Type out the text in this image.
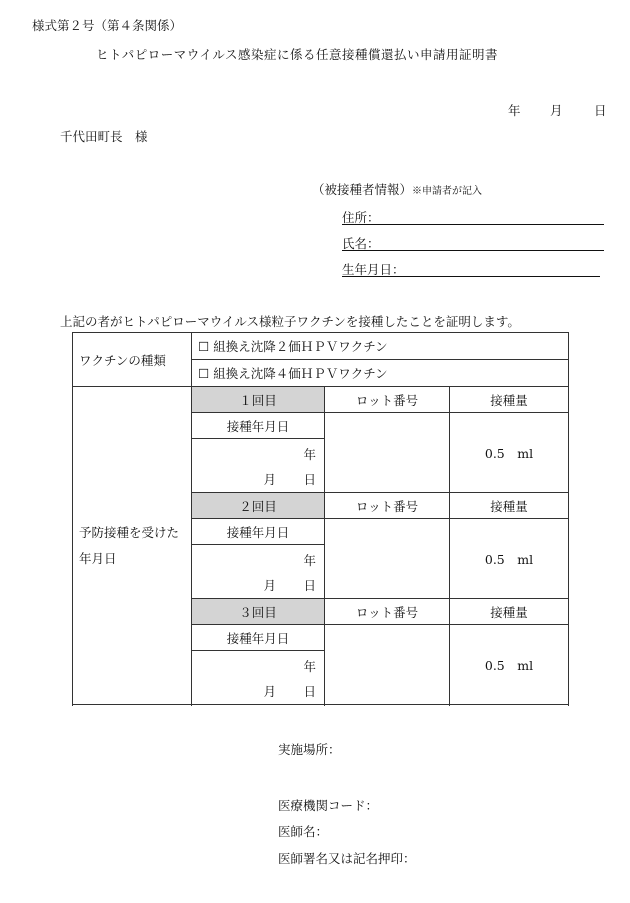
様式第２号（第４条関係）
ヒトパピローマウイルス感染症に係る任意接種償還払い申請用証明書
年 月	日
千代田町長　様
（被接種者情報）※申請者が記入
住所：
氏名：
生年月日：
上記の者がヒトパピローマウイルス様粒子ワクチンを接種したことを証明します。
ワクチンの種類	☐ 組換え沈降２価ＨＰＶワクチン		
	☐ 組換え沈降４価ＨＰＶワクチン		
予防接種を受けた年月日	１回目	ロット番号	接種量
	接種年月日		0.5　ml

	年
月 日		

	２回目	ロット番号	接種量
	接種年月日		0.5　ml

	年
月 日		

	３回目	ロット番号	接種量
	接種年月日		0.5　ml

	年
月 日		

実施場所：
医療機関コード：
医師名：
医師署名又は記名押印：
